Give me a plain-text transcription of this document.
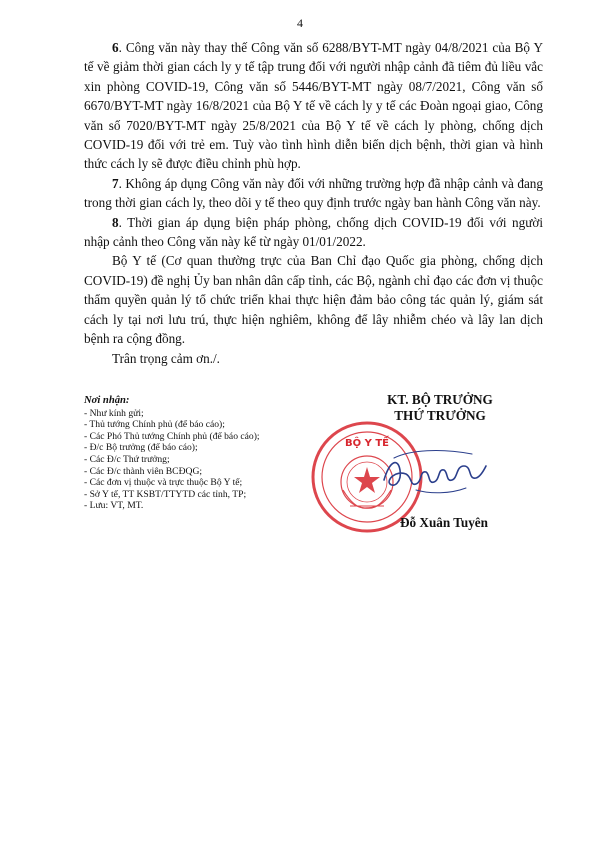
4

6. Công văn này thay thế Công văn số 6288/BYT-MT ngày 04/8/2021 của Bộ Y tế về giảm thời gian cách ly y tế tập trung đối với người nhập cảnh đã tiêm đủ liều vắc xin phòng COVID-19, Công văn số 5446/BYT-MT ngày 08/7/2021, Công văn số 6670/BYT-MT ngày 16/8/2021 của Bộ Y tế về cách ly y tế các Đoàn ngoại giao, Công văn số 7020/BYT-MT ngày 25/8/2021 của Bộ Y tế về cách ly phòng, chống dịch COVID-19 đối với trẻ em. Tuỳ vào tình hình diễn biến dịch bệnh, thời gian và hình thức cách ly sẽ được điều chỉnh phù hợp.

7. Không áp dụng Công văn này đối với những trường hợp đã nhập cảnh và đang trong thời gian cách ly, theo dõi y tế theo quy định trước ngày ban hành Công văn này.

8. Thời gian áp dụng biện pháp phòng, chống dịch COVID-19 đối với người nhập cảnh theo Công văn này kể từ ngày 01/01/2022.

Bộ Y tế (Cơ quan thường trực của Ban Chỉ đạo Quốc gia phòng, chống dịch COVID-19) đề nghị Ủy ban nhân dân cấp tỉnh, các Bộ, ngành chỉ đạo các đơn vị thuộc thẩm quyền quản lý tổ chức triển khai thực hiện đảm bảo công tác quản lý, giám sát cách ly tại nơi lưu trú, thực hiện nghiêm, không để lây nhiễm chéo và lây lan dịch bệnh ra cộng đồng.

Trân trọng cảm ơn./.

Nơi nhận:
- Như kính gửi;
- Thủ tướng Chính phủ (để báo cáo);
- Các Phó Thủ tướng Chính phủ (để báo cáo);
- Đ/c Bộ trưởng (để báo cáo);
- Các Đ/c Thứ trưởng;
- Các Đ/c thành viên BCĐQG;
- Các đơn vị thuộc và trực thuộc Bộ Y tế;
- Sở Y tế, TT KSBT/TTYTD các tỉnh, TP;
- Lưu: VT, MT.
KT. BỘ TRƯỞNG
THỨ TRƯỞNG
BỘ Y TẾ
Đỗ Xuân Tuyên
